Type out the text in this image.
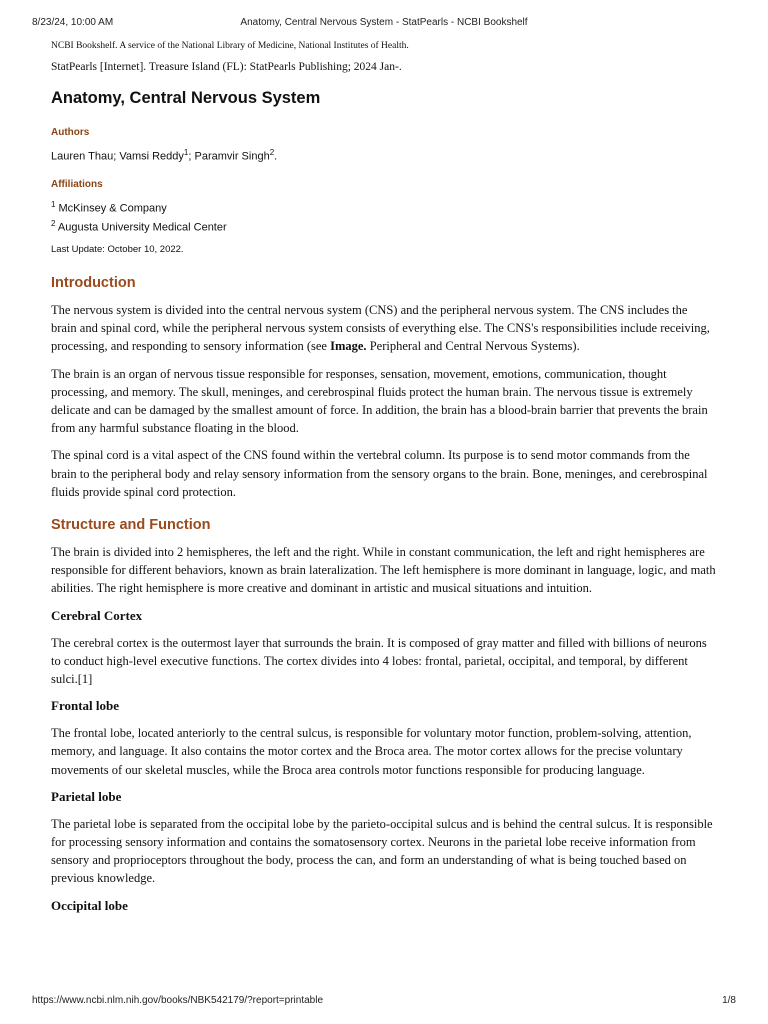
8/23/24, 10:00 AM	Anatomy, Central Nervous System - StatPearls - NCBI Bookshelf

NCBI Bookshelf. A service of the National Library of Medicine, National Institutes of Health.

StatPearls [Internet]. Treasure Island (FL): StatPearls Publishing; 2024 Jan-.

Anatomy, Central Nervous System
Authors

Lauren Thau; Vamsi Reddy$^1$; Paramvir Singh$^2$.

Affiliations

$^1$ McKinsey & Company

$^2$ Augusta University Medical Center

Last Update: October 10, 2022.

Introduction

The nervous system is divided into the central nervous system (CNS) and the peripheral nervous system. The CNS includes the brain and spinal cord, while the peripheral nervous system consists of everything else. The CNS's responsibilities include receiving, processing, and responding to sensory information (see Image. Peripheral and Central Nervous Systems).

The brain is an organ of nervous tissue responsible for responses, sensation, movement, emotions, communication, thought processing, and memory. The skull, meninges, and cerebrospinal fluids protect the human brain. The nervous tissue is extremely delicate and can be damaged by the smallest amount of force. In addition, the brain has a blood-brain barrier that prevents the brain from any harmful substance floating in the blood.

The spinal cord is a vital aspect of the CNS found within the vertebral column. Its purpose is to send motor commands from the brain to the peripheral body and relay sensory information from the sensory organs to the brain. Bone, meninges, and cerebrospinal fluids provide spinal cord protection.

Structure and Function

The brain is divided into 2 hemispheres, the left and the right. While in constant communication, the left and right hemispheres are responsible for different behaviors, known as brain lateralization. The left hemisphere is more dominant in language, logic, and math abilities. The right hemisphere is more creative and dominant in artistic and musical situations and intuition.

Cerebral Cortex

The cerebral cortex is the outermost layer that surrounds the brain. It is composed of gray matter and filled with billions of neurons to conduct high-level executive functions. The cortex divides into 4 lobes: frontal, parietal, occipital, and temporal, by different sulci.[1]

Frontal lobe

The frontal lobe, located anteriorly to the central sulcus, is responsible for voluntary motor function, problem-solving, attention, memory, and language. It also contains the motor cortex and the Broca area. The motor cortex allows for the precise voluntary movements of our skeletal muscles, while the Broca area controls motor functions responsible for producing language.

Parietal lobe

The parietal lobe is separated from the occipital lobe by the parieto-occipital sulcus and is behind the central sulcus. It is responsible for processing sensory information and contains the somatosensory cortex. Neurons in the parietal lobe receive information from sensory and proprioceptors throughout the body, process the can, and form an understanding of what is being touched based on previous knowledge.

Occipital lobe
https://www.ncbi.nlm.nih.gov/books/NBK542179/?report=printable	1/8
